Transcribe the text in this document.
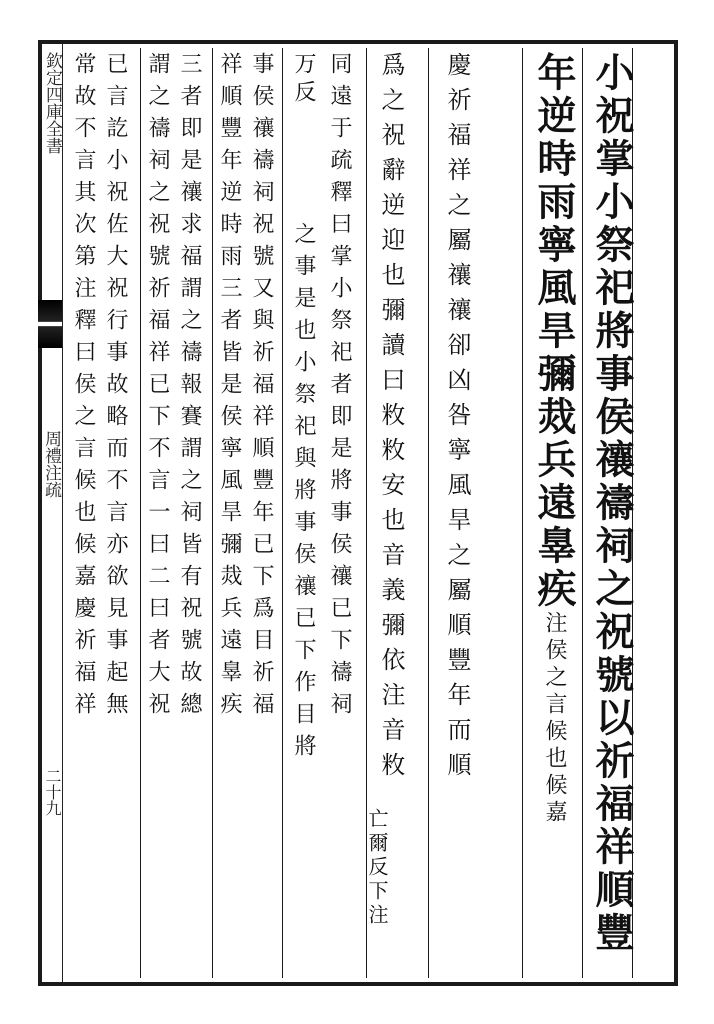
欽定四庫全書
周禮注疏
二十九	小祝掌小祭祀將事侯禳禱祠之祝號以祈福祥順豐
年逆時雨寧風旱彌烖兵遠辠疾注侯之言候也候嘉
慶祈福祥之屬禳禳卻凶咎寧風旱之屬順豐年而順
爲之祝辭逆迎也彌讀曰敉敉安也音義彌依注音敉
亡爾反下注
同遠于疏釋曰掌小祭祀者即是將事侯禳已下禱祠
万反
之事是也小祭祀與將事侯禳已下作目將
事侯禳禱祠祝號又與祈福祥順豐年已下爲目祈福
祥順豐年逆時雨三者皆是侯寧風旱彌烖兵遠辠疾
三者即是禳求福謂之禱報賽謂之祠皆有祝號故總
謂之禱祠之祝號祈福祥已下不言一曰二曰者大祝
已言訖小祝佐大祝行事故略而不言亦欲見事起無
常故不言其次第注釋曰侯之言候也候嘉慶祈福祥
